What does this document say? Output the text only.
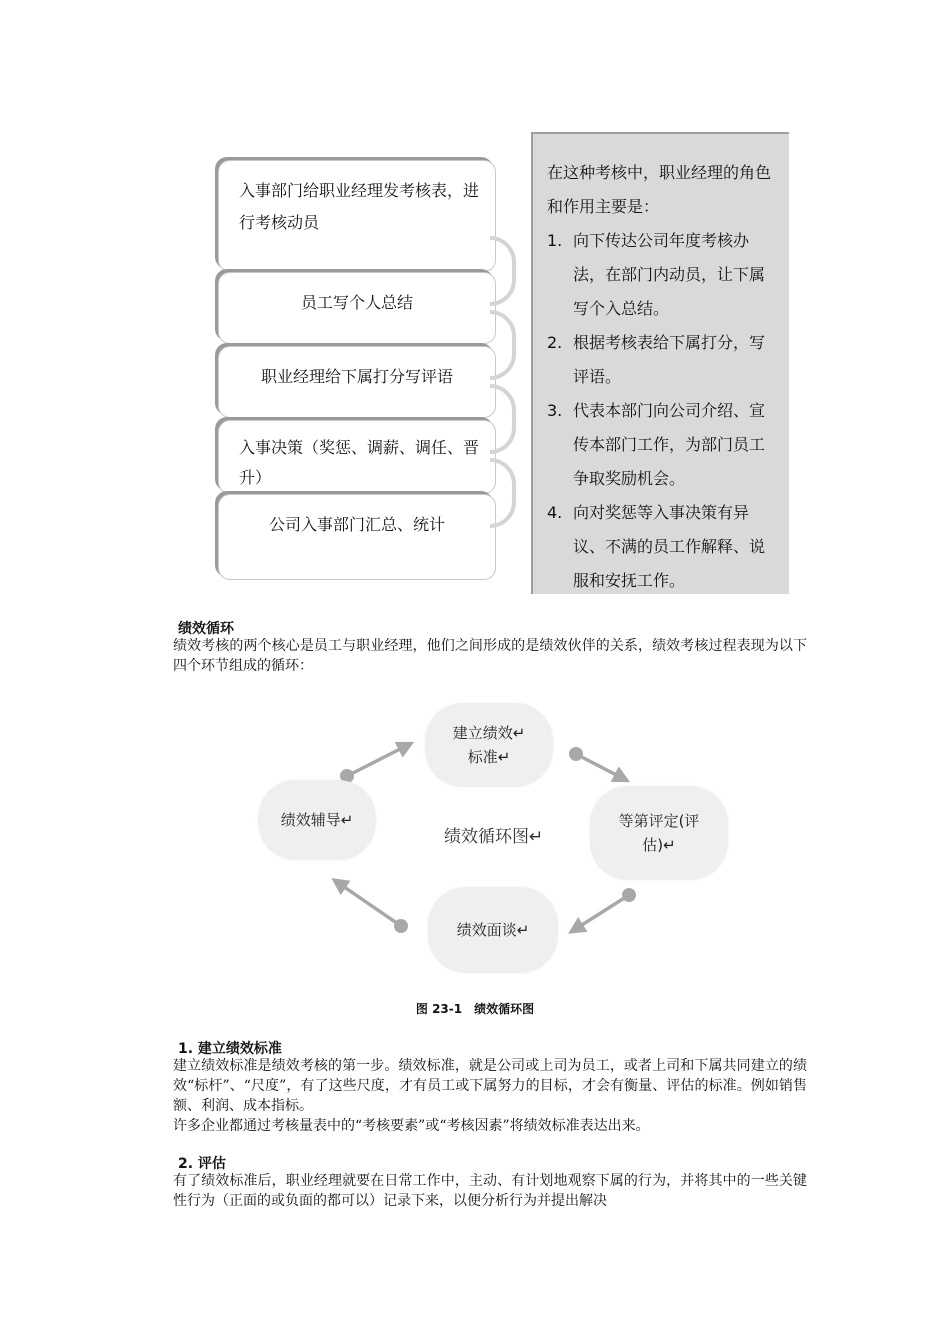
入事部门给职业经理发考核表，进行考核动员
员工写个人总结
职业经理给下属打分写评语
入事决策（奖惩、调薪、调任、晋升）
公司入事部门汇总、统计
在这种考核中，职业经理的角色和作用主要是：
1. 向下传达公司年度考核办法，在部门内动员，让下属写个入总结。
2. 根据考核表给下属打分，写评语。
3. 代表本部门向公司介绍、宣传本部门工作，为部门员工争取奖励机会。
4. 向对奖惩等入事决策有异议、不满的员工作解释、说服和安抚工作。
绩效循环
绩效考核的两个核心是员工与职业经理，他们之间形成的是绩效伙伴的关系，绩效考核过程表现为以下四个环节组成的循环：
建立绩效↵标准↵
等第评定(评估)↵
绩效面谈↵
绩效辅导↵
绩效循环图↵
图 23-1　绩效循环图
1. 建立绩效标准
建立绩效标准是绩效考核的第一步。绩效标准，就是公司或上司为员工，或者上司和下属共同建立的绩效“标杆”、“尺度”，有了这些尺度，才有员工或下属努力的目标，才会有衡量、评估的标准。例如销售额、利润、成本指标。
许多企业都通过考核量表中的“考核要素”或“考核因素”将绩效标准表达出来。
2. 评估
有了绩效标准后，职业经理就要在日常工作中，主动、有计划地观察下属的行为，并将其中的一些关键性行为（正面的或负面的都可以）记录下来，以便分析行为并提出解决
